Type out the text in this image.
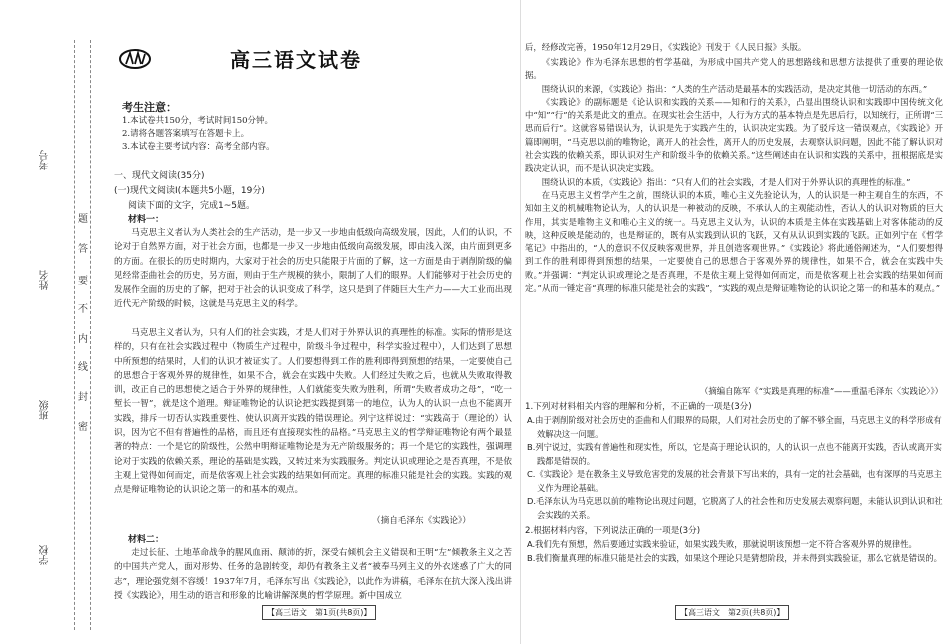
考号
姓名
班级
学校
题
答
要
不
内
线
封
密
高三语文试卷
考生注意：
1.本试卷共150分，考试时间150分钟。
2.请将各题答案填写在答题卡上。
3.本试卷主要考试内容：高考全部内容。
一、现代文阅读(35分)
(一)现代文阅读Ⅰ(本题共5小题，19分)
阅读下面的文字，完成1~5题。
材料一：

马克思主义者认为人类社会的生产活动，是一步又一步地由低级向高级发展，因此，人们的认识，不论对于自然界方面，对于社会方面，也都是一步又一步地由低级向高级发展，即由浅入深，由片面到更多的方面。在很长的历史时期内，大家对于社会的历史只能限于片面的了解，这一方面是由于剥削阶级的偏见经常歪曲社会的历史，另方面，则由于生产规模的狭小，限制了人们的眼界。人们能够对于社会历史的发展作全面的历史的了解，把对于社会的认识变成了科学，这只是到了伴随巨大生产力——大工业而出现近代无产阶级的时候，这就是马克思主义的科学。

马克思主义者认为，只有人们的社会实践，才是人们对于外界认识的真理性的标准。实际的情形是这样的，只有在社会实践过程中（物质生产过程中，阶级斗争过程中，科学实验过程中），人们达到了思想中所预想的结果时，人们的认识才被证实了。人们要想得到工作的胜利即得到预想的结果，一定要使自己的思想合于客观外界的规律性，如果不合，就会在实践中失败。人们经过失败之后，也就从失败取得教训，改正自己的思想使之适合于外界的规律性，人们就能变失败为胜利，所谓“失败者成功之母”，“吃一堑长一智”，就是这个道理。辩证唯物论的认识论把实践提到第一的地位，认为人的认识一点也不能离开实践，排斥一切否认实践重要性、使认识离开实践的错误理论。列宁这样说过：“实践高于（理论的）认识，因为它不但有普遍性的品格，而且还有直接现实性的品格。”马克思主义的哲学辩证唯物论有两个最显著的特点：一个是它的阶级性，公然申明辩证唯物论是为无产阶级服务的；再一个是它的实践性，强调理论对于实践的依赖关系，理论的基础是实践，又转过来为实践服务。判定认识或理论之是否真理，不是依主观上觉得如何而定，而是依客观上社会实践的结果如何而定。真理的标准只能是社会的实践。实践的观点是辩证唯物论的认识论之第一的和基本的观点。

（摘自毛泽东《实践论》）
材料二：

走过长征、土地革命战争的腥风血雨、颠沛的折，深受右倾机会主义错误和王明“左”倾教条主义之苦的中国共产党人，面对形势、任务的急剧转变，却仍有教条主义者“被奉马列主义的外衣迷惑了广大的同志”，理论强党刻不容缓！1937年7月，毛泽东写出《实践论》，以此作为讲稿，毛泽东在抗大深入浅出讲授《实践论》，用生动的语言和形象的比喻讲解深奥的哲学原理。新中国成立

【高三语文　第1页(共8页)】
后，经修改完善，1950年12月29日，《实践论》刊发于《人民日报》头版。

《实践论》作为毛泽东思想的哲学基础，为形成中国共产党人的思想路线和思想方法提供了重要的理论依据。

围绕认识的来源，《实践论》指出：“人类的生产活动是最基本的实践活动，是决定其他一切活动的东西。”

《实践论》的副标题是《论认识和实践的关系——知和行的关系》，凸显出围绕认识和实践即中国传统文化中“知”“行”的关系是此文的重点。在现实社会生活中，人行为方式的基本特点是先思后行，以知统行，正所谓“三思而后行”。这就容易错误认为，认识是先于实践产生的，认识决定实践。为了驳斥这一错误观点，《实践论》开篇即阐明，“马克思以前的唯物论，离开人的社会性，离开人的历史发展，去观察认识问题，因此不能了解认识对社会实践的依赖关系，即认识对生产和阶级斗争的依赖关系。”这些阐述由在认识和实践的关系中，扭根据底是实践决定认识，而不是认识决定实践。

围绕认识的本质，《实践论》指出：“只有人们的社会实践，才是人们对于外界认识的真理性的标准。”

在马克思主义哲学产生之前，围绕认识的本质，唯心主义先验论认为，人的认识是一种主观自生的东西，不知如主义的机械唯物论认为，人的认识是一种被动的反映，不承认人的主观能动性，否认人的认识对物质的巨大作用，其实是唯物主义和唯心主义的统一。马克思主义认为，认识的本质是主体在实践基础上对客体能动的反映，这种反映是能动的，也是辩证的，既有从实践到认识的飞跃，又有从认识到实践的飞跃。正如列宁在《哲学笔记》中指出的，“人的意识不仅反映客观世界，并且创造客观世界。”《实践论》将此通俗阐述为，“人们要想得到工作的胜利即得到预想的结果，一定要使自己的思想合于客观外界的规律性，如果不合，就会在实践中失败。”并强调：“判定认识或理论之是否真理，不是依主观上觉得如何而定，而是依客观上社会实践的结果如何而定。”从而一锤定音“真理的标准只能是社会的实践”，“实践的观点是辩证唯物论的认识论之第一的和基本的观点。”

（摘编自陈军《“实践是真理的标准”——重温毛泽东〈实践论〉》）
1.下列对材料相关内容的理解和分析，不正确的一项是(3分)
A.由于剥削阶级对社会历史的歪曲和人们眼界的局限，人们对社会历史的了解不够全面，马克思主义的科学形成有效解决这一问题。
B.列宁说过，实践有普遍性和现实性，所以，它是高于理论认识的，人的认识一点也不能离开实践，否认或离开实践都是错误的。
C.《实践论》是在教条主义导致危害党的发展的社会背景下写出来的，具有一定的社会基础，也有深厚的马克思主义作为理论基础。
D.毛泽东认为马克思以前的唯物论出现过问题，它脱离了人的社会性和历史发展去观察问题，未能认识到认识和社会实践的关系。
2.根据材料内容，下列说法正确的一项是(3分)
A.我们先有预想，然后要通过实践来验证，如果实践失败，那就说明该预想一定不符合客观外界的规律性。
B.我们衡量真理的标准只能是社会的实践，如果这个理论只是猜想阶段，并未得到实践验证，那么它就是错误的。
【高三语文　第2页(共8页)】
